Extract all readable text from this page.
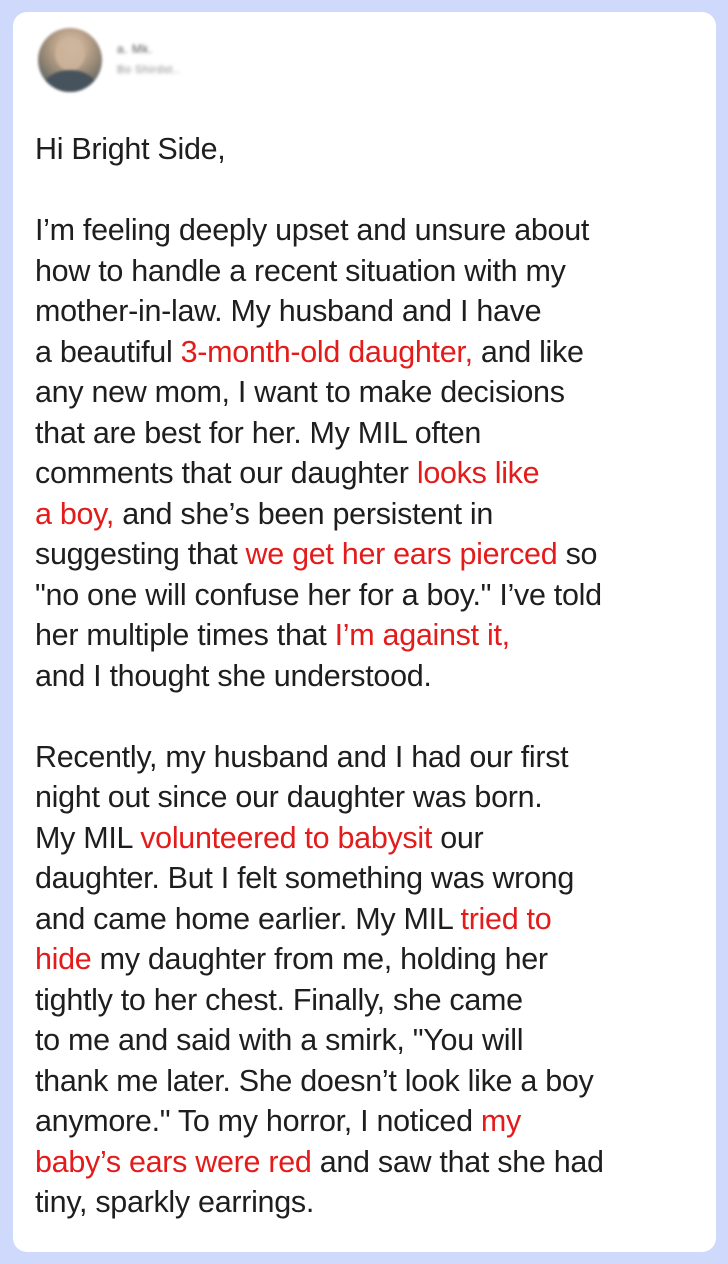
a. Mk.
Bo Shirdst..
Hi Bright Side,
I’m feeling deeply upset and unsure about
how to handle a recent situation with my
mother-in-law. My husband and I have
a beautiful 3-month-old daughter, and like
any new mom, I want to make decisions
that are best for her. My MIL often
comments that our daughter looks like
a boy, and she’s been persistent in
suggesting that we get her ears pierced so
"no one will confuse her for a boy." I’ve told
her multiple times that I’m against it,
and I thought she understood.
Recently, my husband and I had our first
night out since our daughter was born.
My MIL volunteered to babysit our
daughter. But I felt something was wrong
and came home earlier. My MIL tried to
hide my daughter from me, holding her
tightly to her chest. Finally, she came
to me and said with a smirk, "You will
thank me later. She doesn’t look like a boy
anymore." To my horror, I noticed my
baby’s ears were red and saw that she had
tiny, sparkly earrings.
